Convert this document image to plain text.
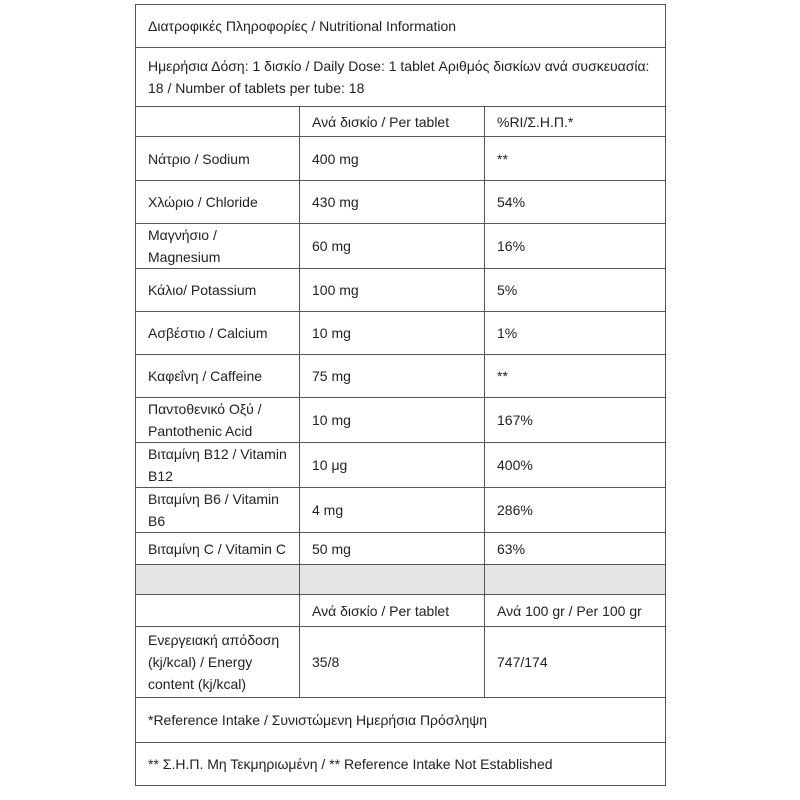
Διατροφικές Πληροφορίες / Nutritional Information		
Ημερήσια Δόση: 1 δισκίο / Daily Dose: 1 tablet Αριθμός δισκίων ανά συσκευασία: 18 / Number of tablets per tube: 18		
	Ανά δισκίο / Per tablet	%RI/Σ.Η.Π.*
Νάτριο / Sodium	400 mg	**
Χλώριο / Chloride	430 mg	54%
Μαγνήσιο / Magnesium	60 mg	16%
Κάλιο/ Potassium	100 mg	5%
Ασβέστιο / Calcium	10 mg	1%
Καφεΐνη / Caffeine	75 mg	**
Παντοθενικό Οξύ / Pantothenic Acid	10 mg	167%
Βιταμίνη B12 / Vitamin B12	10 μg	400%
Βιταμίνη B6 / Vitamin B6	4 mg	286%
Βιταμίνη C / Vitamin C	50 mg	63%

	Ανά δισκίο / Per tablet	Ανά 100 gr / Per 100 gr
Ενεργειακή απόδοση (kj/kcal) / Energy content (kj/kcal)	35/8	747/174
*Reference Intake / Συνιστώμενη Ημερήσια Πρόσληψη		
** Σ.Η.Π. Μη Τεκμηριωμένη / ** Reference Intake Not Established		
